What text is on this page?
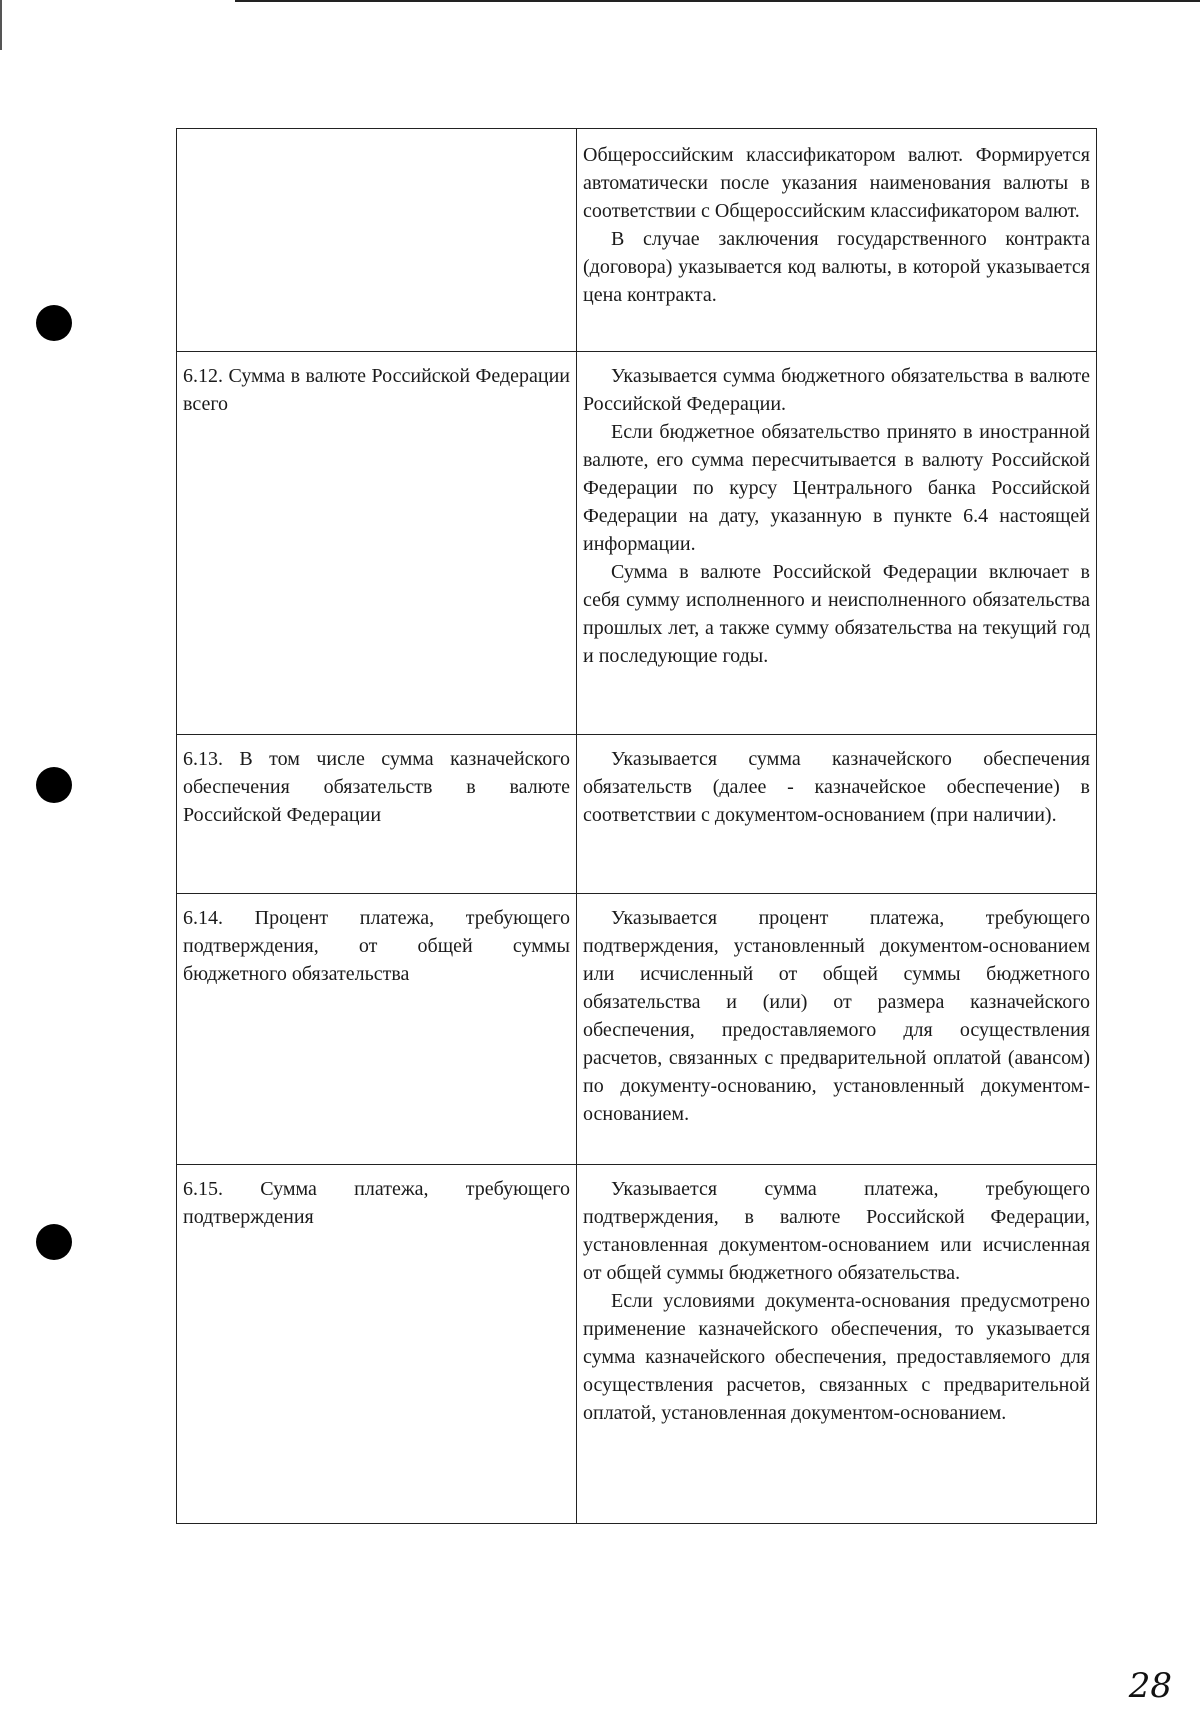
	Общероссийским классификатором валют. Формируется автоматически после указания наименования валюты в соответствии с Общероссийским классификатором валют.

В случае заключения государственного контракта (договора) указывается код валюты, в которой указывается цена контракта.

6.12. Сумма в валюте Российской Федерации всего	Указывается сумма бюджетного обязательства в валюте Российской Федерации.

Если бюджетное обязательство принято в иностранной валюте, его сумма пересчитывается в валюту Российской Федерации по курсу Центрального банка Российской Федерации на дату, указанную в пункте 6.4 настоящей информации.

Сумма в валюте Российской Федерации включает в себя сумму исполненного и неисполненного обязательства прошлых лет, а также сумму обязательства на текущий год и последующие годы.

6.13. В том числе сумма казначейского обеспечения обязательств в валюте Российской Федерации	Указывается сумма казначейского обеспечения обязательств (далее - казначейское обеспечение) в соответствии с документом-основанием (при наличии).

6.14. Процент платежа, требующего подтверждения, от общей суммы бюджетного обязательства	Указывается процент платежа, требующего подтверждения, установленный документом-основанием или исчисленный от общей суммы бюджетного обязательства и (или) от размера казначейского обеспечения, предоставляемого для осуществления расчетов, связанных с предварительной оплатой (авансом) по документу-основанию, установленный документом-основанием.

6.15. Сумма платежа, требующего подтверждения	Указывается сумма платежа, требующего подтверждения, в валюте Российской Федерации, установленная документом-основанием или исчисленная от общей суммы бюджетного обязательства.

Если условиями документа-основания предусмотрено применение казначейского обеспечения, то указывается сумма казначейского обеспечения, предоставляемого для осуществления расчетов, связанных с предварительной оплатой, установленная документом-основанием.

28
